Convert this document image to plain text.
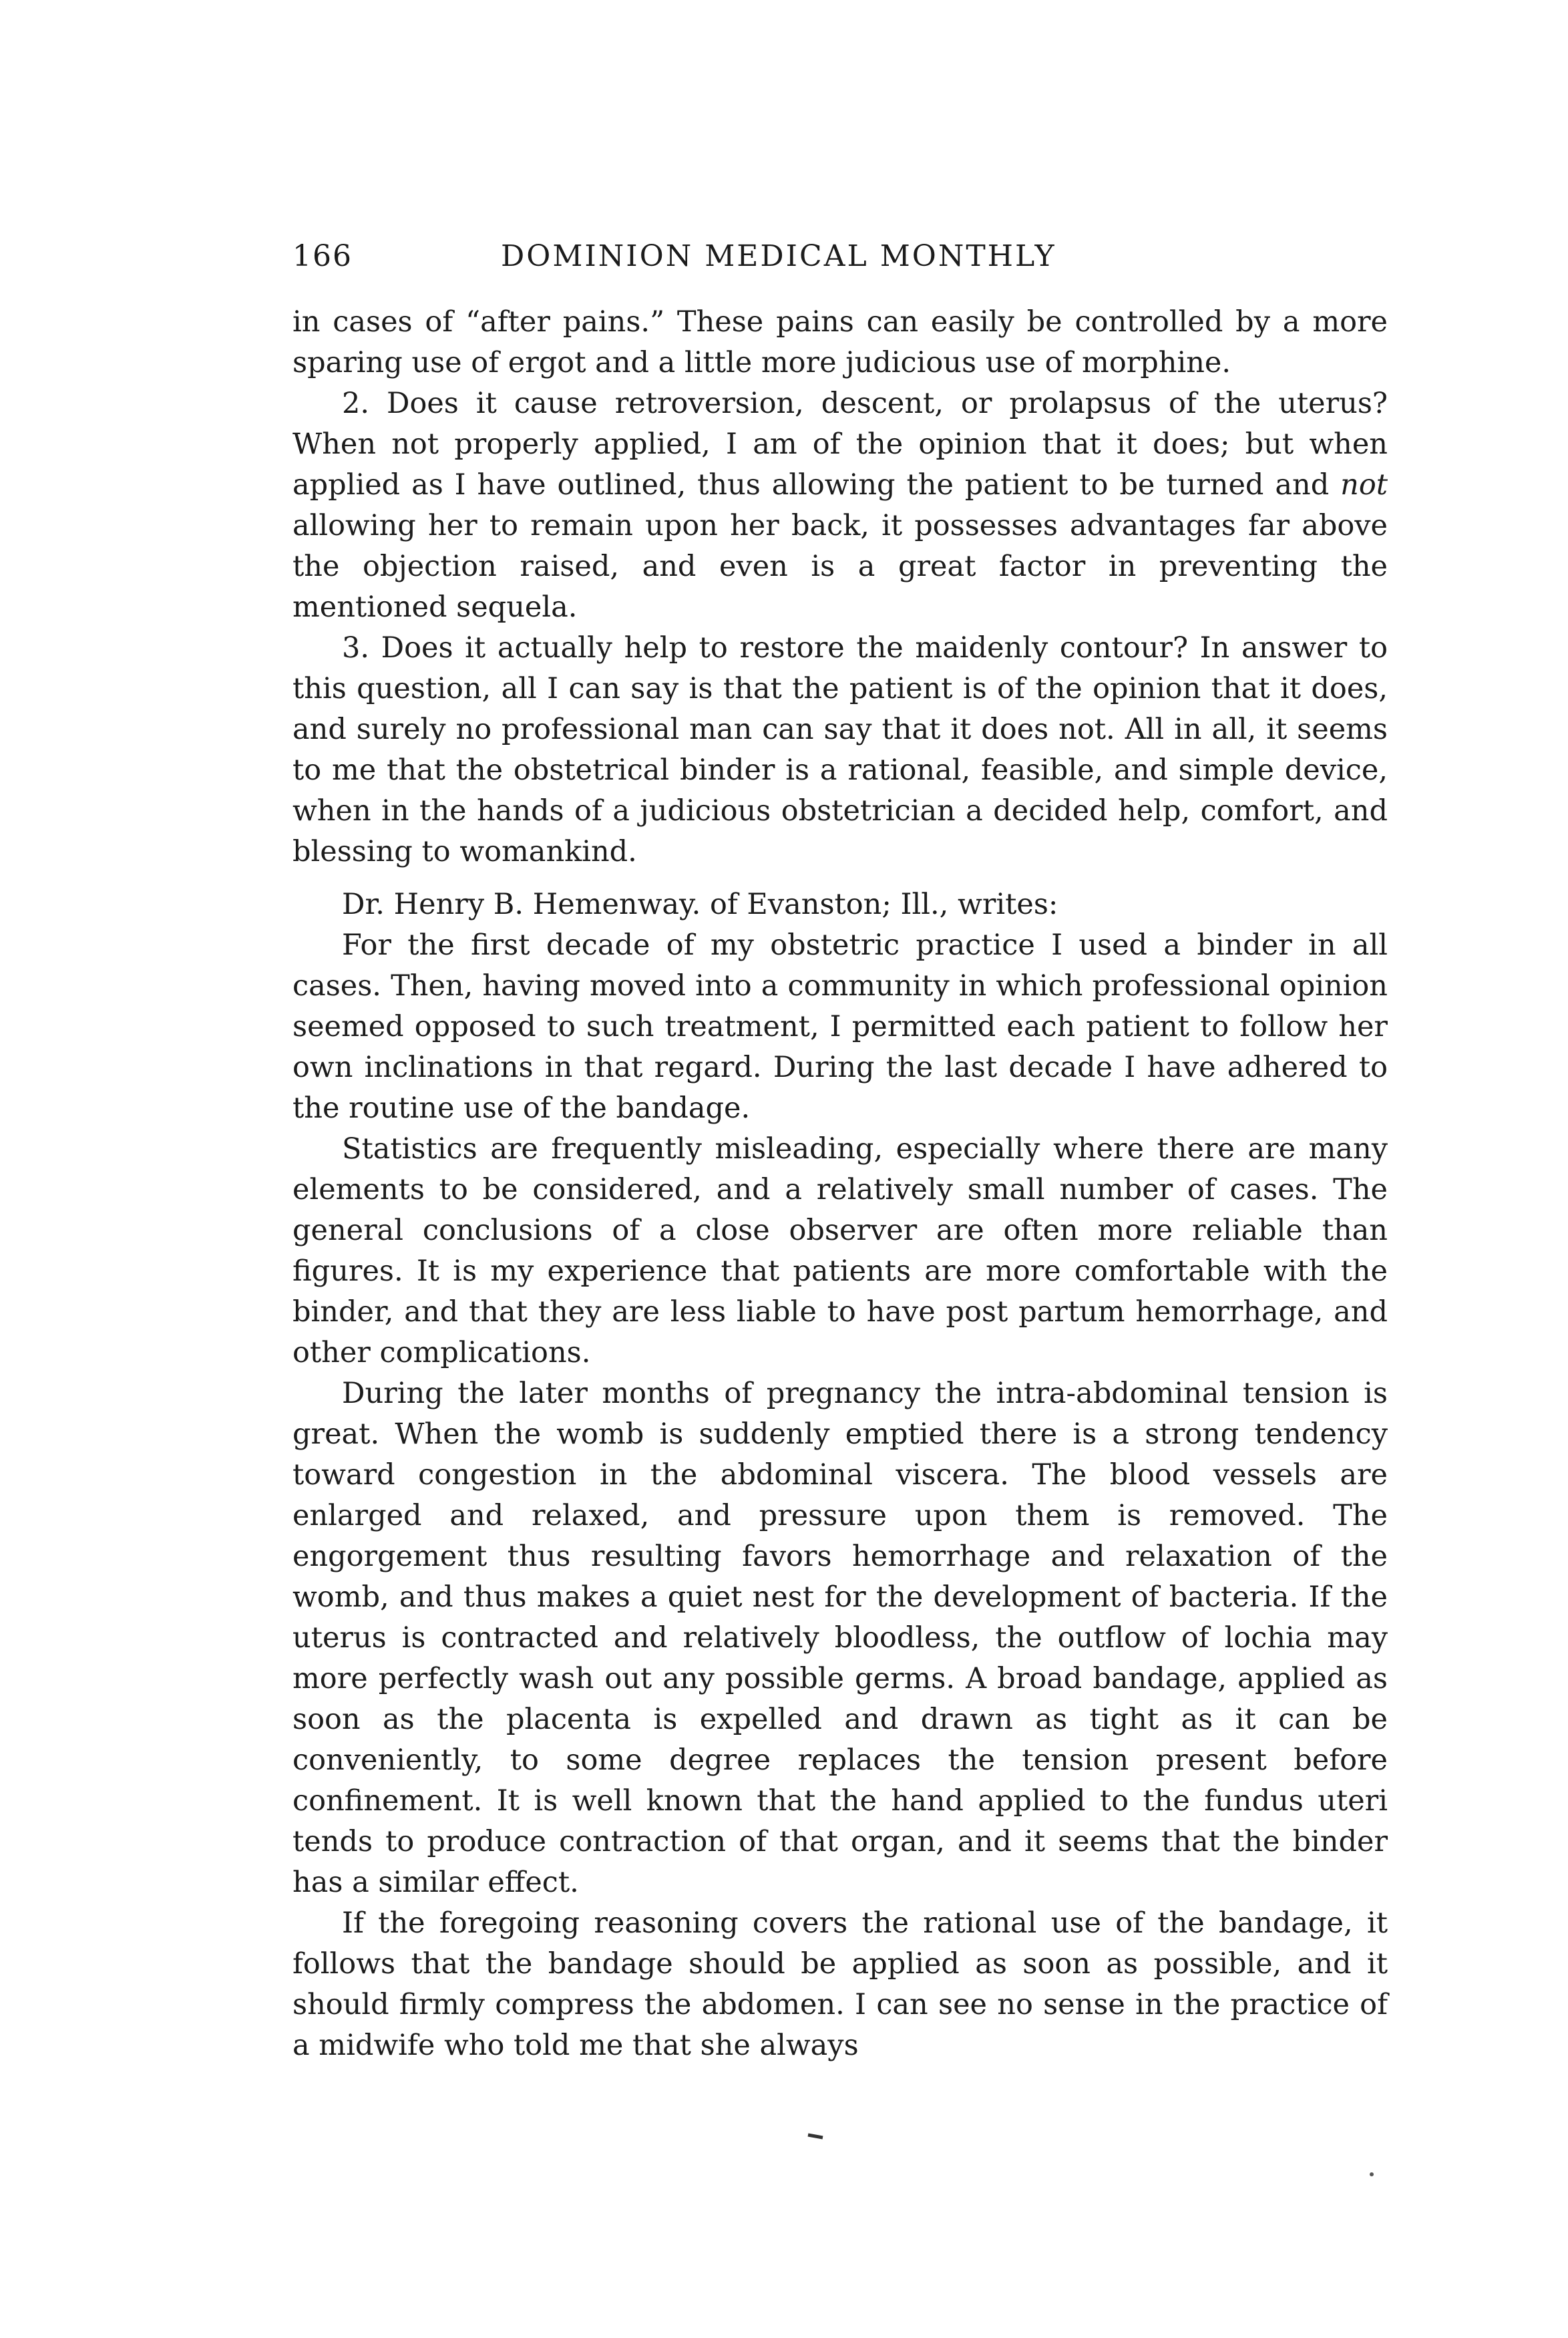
166	DOMINION MEDICAL MONTHLY

in cases of “after pains.” These pains can easily be controlled by a more sparing use of ergot and a little more judicious use of morphine.

2. Does it cause retroversion, descent, or prolapsus of the uterus? When not properly applied, I am of the opinion that it does; but when applied as I have outlined, thus allowing the patient to be turned and not allowing her to remain upon her back, it possesses advantages far above the objection raised, and even is a great factor in preventing the mentioned sequela.

3. Does it actually help to restore the maidenly contour? In answer to this question, all I can say is that the patient is of the opinion that it does, and surely no professional man can say that it does not. All in all, it seems to me that the obstetrical binder is a rational, feasible, and simple device, when in the hands of a judicious obstetrician a decided help, comfort, and blessing to womankind.

Dr. Henry B. Hemenway. of Evanston; Ill., writes:

For the first decade of my obstetric practice I used a binder in all cases. Then, having moved into a community in which professional opinion seemed opposed to such treatment, I permitted each patient to follow her own inclinations in that regard. During the last decade I have adhered to the routine use of the bandage.

Statistics are frequently misleading, especially where there are many elements to be considered, and a relatively small number of cases. The general conclusions of a close observer are often more reliable than figures. It is my experience that patients are more comfortable with the binder, and that they are less liable to have post partum hemorrhage, and other complications.

During the later months of pregnancy the intra-abdominal tension is great. When the womb is suddenly emptied there is a strong tendency toward congestion in the abdominal viscera. The blood vessels are enlarged and relaxed, and pressure upon them is removed. The engorgement thus resulting favors hemorrhage and relaxation of the womb, and thus makes a quiet nest for the development of bacteria. If the uterus is contracted and relatively bloodless, the outflow of lochia may more perfectly wash out any possible germs. A broad bandage, applied as soon as the placenta is expelled and drawn as tight as it can be conveniently, to some degree replaces the tension present before confinement. It is well known that the hand applied to the fundus uteri tends to produce contraction of that organ, and it seems that the binder has a similar effect.

If the foregoing reasoning covers the rational use of the bandage, it follows that the bandage should be applied as soon as possible, and it should firmly compress the abdomen. I can see no sense in the practice of a midwife who told me that she always
